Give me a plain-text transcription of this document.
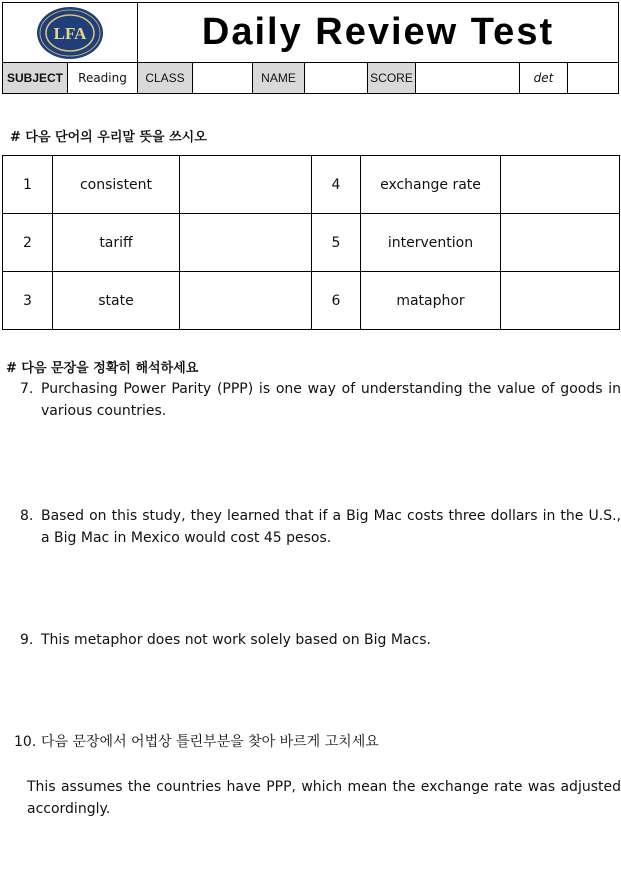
LFA	Daily Review Test
SUBJECT	Reading	CLASS	NAME	SCORE	det
# 다음 단어의 우리말 뜻을 쓰시오
1	consistent		4	exchange rate	
2	tariff		5	intervention	
3	state		6	mataphor	
# 다음 문장을 정확히 해석하세요
7. Purchasing Power Parity (PPP) is one way of understanding the value of goods in various countries.
8. Based on this study, they learned that if a Big Mac costs three dollars in the U.S., a Big Mac in Mexico would cost 45 pesos.
9. This metaphor does not work solely based on Big Macs.
10. 다음 문장에서 어법상 틀린부분을 찾아 바르게 고치세요
This assumes the countries have PPP, which mean the exchange rate was adjusted accordingly.
